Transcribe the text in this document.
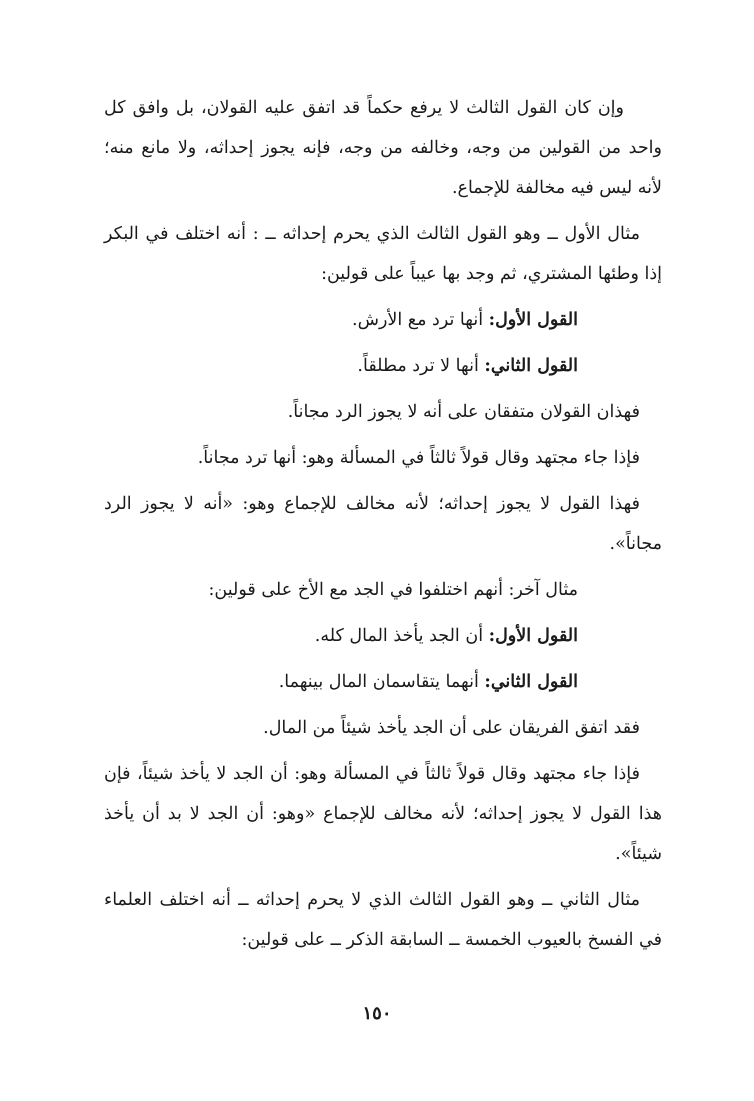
وإن كان القول الثالث لا يرفع حكماً قد اتفق عليه القولان، بل وافق كل واحد من القولين من وجه، وخالفه من وجه، فإنه يجوز إحداثه، ولا مانع منه؛ لأنه ليس فيه مخالفة للإجماع.

مثال الأول ــ وهو القول الثالث الذي يحرم إحداثه ــ : أنه اختلف في البكر إذا وطئها المشتري، ثم وجد بها عيباً على قولين:

القول الأول: أنها ترد مع الأرش.

القول الثاني: أنها لا ترد مطلقاً.

فهذان القولان متفقان على أنه لا يجوز الرد مجاناً.

فإذا جاء مجتهد وقال قولاً ثالثاً في المسألة وهو: أنها ترد مجاناً.

فهذا القول لا يجوز إحداثه؛ لأنه مخالف للإجماع وهو: «أنه لا يجوز الرد مجاناً».

مثال آخر: أنهم اختلفوا في الجد مع الأخ على قولين:

القول الأول: أن الجد يأخذ المال كله.

القول الثاني: أنهما يتقاسمان المال بينهما.

فقد اتفق الفريقان على أن الجد يأخذ شيئاً من المال.

فإذا جاء مجتهد وقال قولاً ثالثاً في المسألة وهو: أن الجد لا يأخذ شيئاً، فإن هذا القول لا يجوز إحداثه؛ لأنه مخالف للإجماع «وهو: أن الجد لا بد أن يأخذ شيئاً».

مثال الثاني ــ وهو القول الثالث الذي لا يحرم إحداثه ــ أنه اختلف العلماء في الفسخ بالعيوب الخمسة ــ السابقة الذكر ــ على قولين:

١٥٠
